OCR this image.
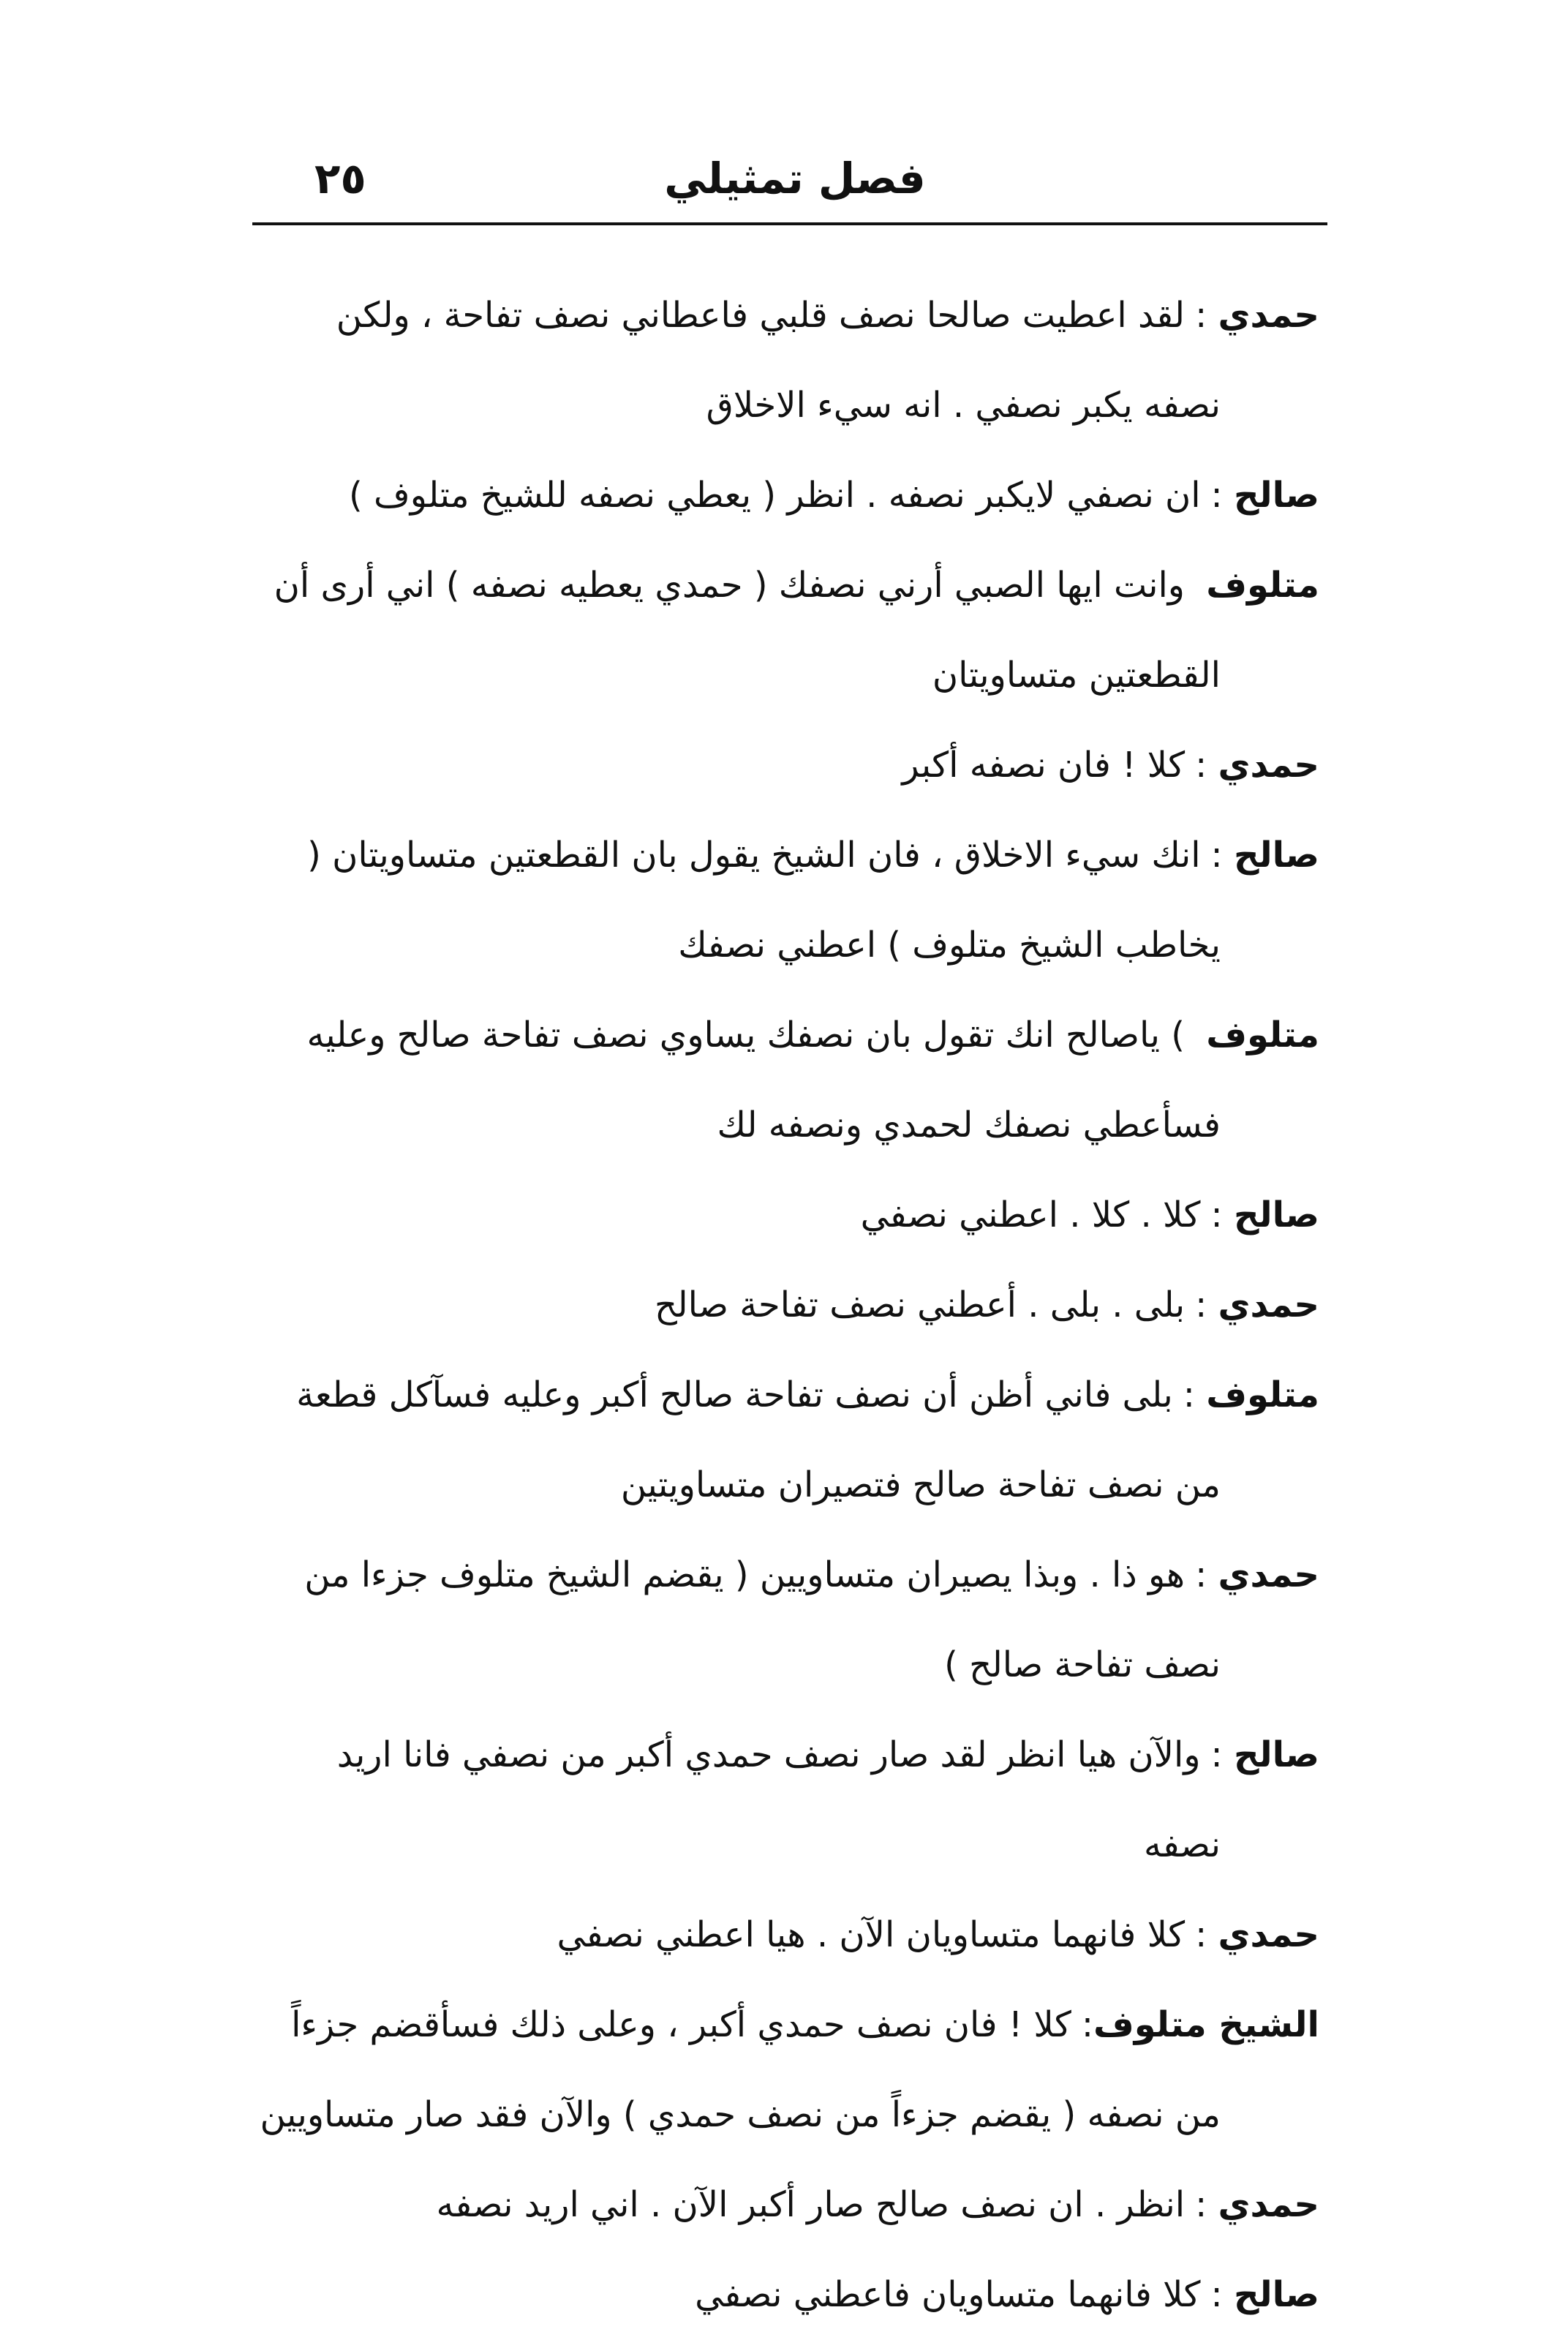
فصل تمثيلي
٢٥
حمدي :لقد اعطيت صالحا نصف قلبي فاعطاني نصف تفاحة ، ولكن نصفه يكبر نصفي . انه سيء الاخلاق
صالح :ان نصفي لايكبر نصفه . انظر ( يعطي نصفه للشيخ متلوف )
متلوف وانت ايها الصبي أرني نصفك ( حمدي يعطيه نصفه ) اني أرى أن القطعتين متساويتان
حمدي :كلا ! فان نصفه أكبر
صالح :انك سيء الاخلاق ، فان الشيخ يقول بان القطعتين متساويتان ( يخاطب الشيخ متلوف ) اعطني نصفك
متلوف ) ياصالح انك تقول بان نصفك يساوي نصف تفاحة صالح وعليه فسأعطي نصفك لحمدي ونصفه لك
صالح :كلا . كلا . اعطني نصفي
حمدي :بلى . بلى . أعطني نصف تفاحة صالح
متلوف :بلى فاني أظن أن نصف تفاحة صالح أكبر وعليه فسآكل قطعة من نصف تفاحة صالح فتصيران متساويتين
حمدي :هو ذا . وبذا يصيران متساويين ( يقضم الشيخ متلوف جزءا من نصف تفاحة صالح )
صالح :والآن هيا انظر لقد صار نصف حمدي أكبر من نصفي فانا اريد نصفه
حمدي :كلا فانهما متساويان الآن . هيا اعطني نصفي
الشيخ متلوف:كلا ! فان نصف حمدي أكبر ، وعلى ذلك فسأقضم جزءاً من نصفه ( يقضم جزءاً من نصف حمدي ) والآن فقد صار متساويين
حمدي :انظر . ان نصف صالح صار أكبر الآن . اني اريد نصفه
صالح :كلا فانهما متساويان فاعطني نصفي
